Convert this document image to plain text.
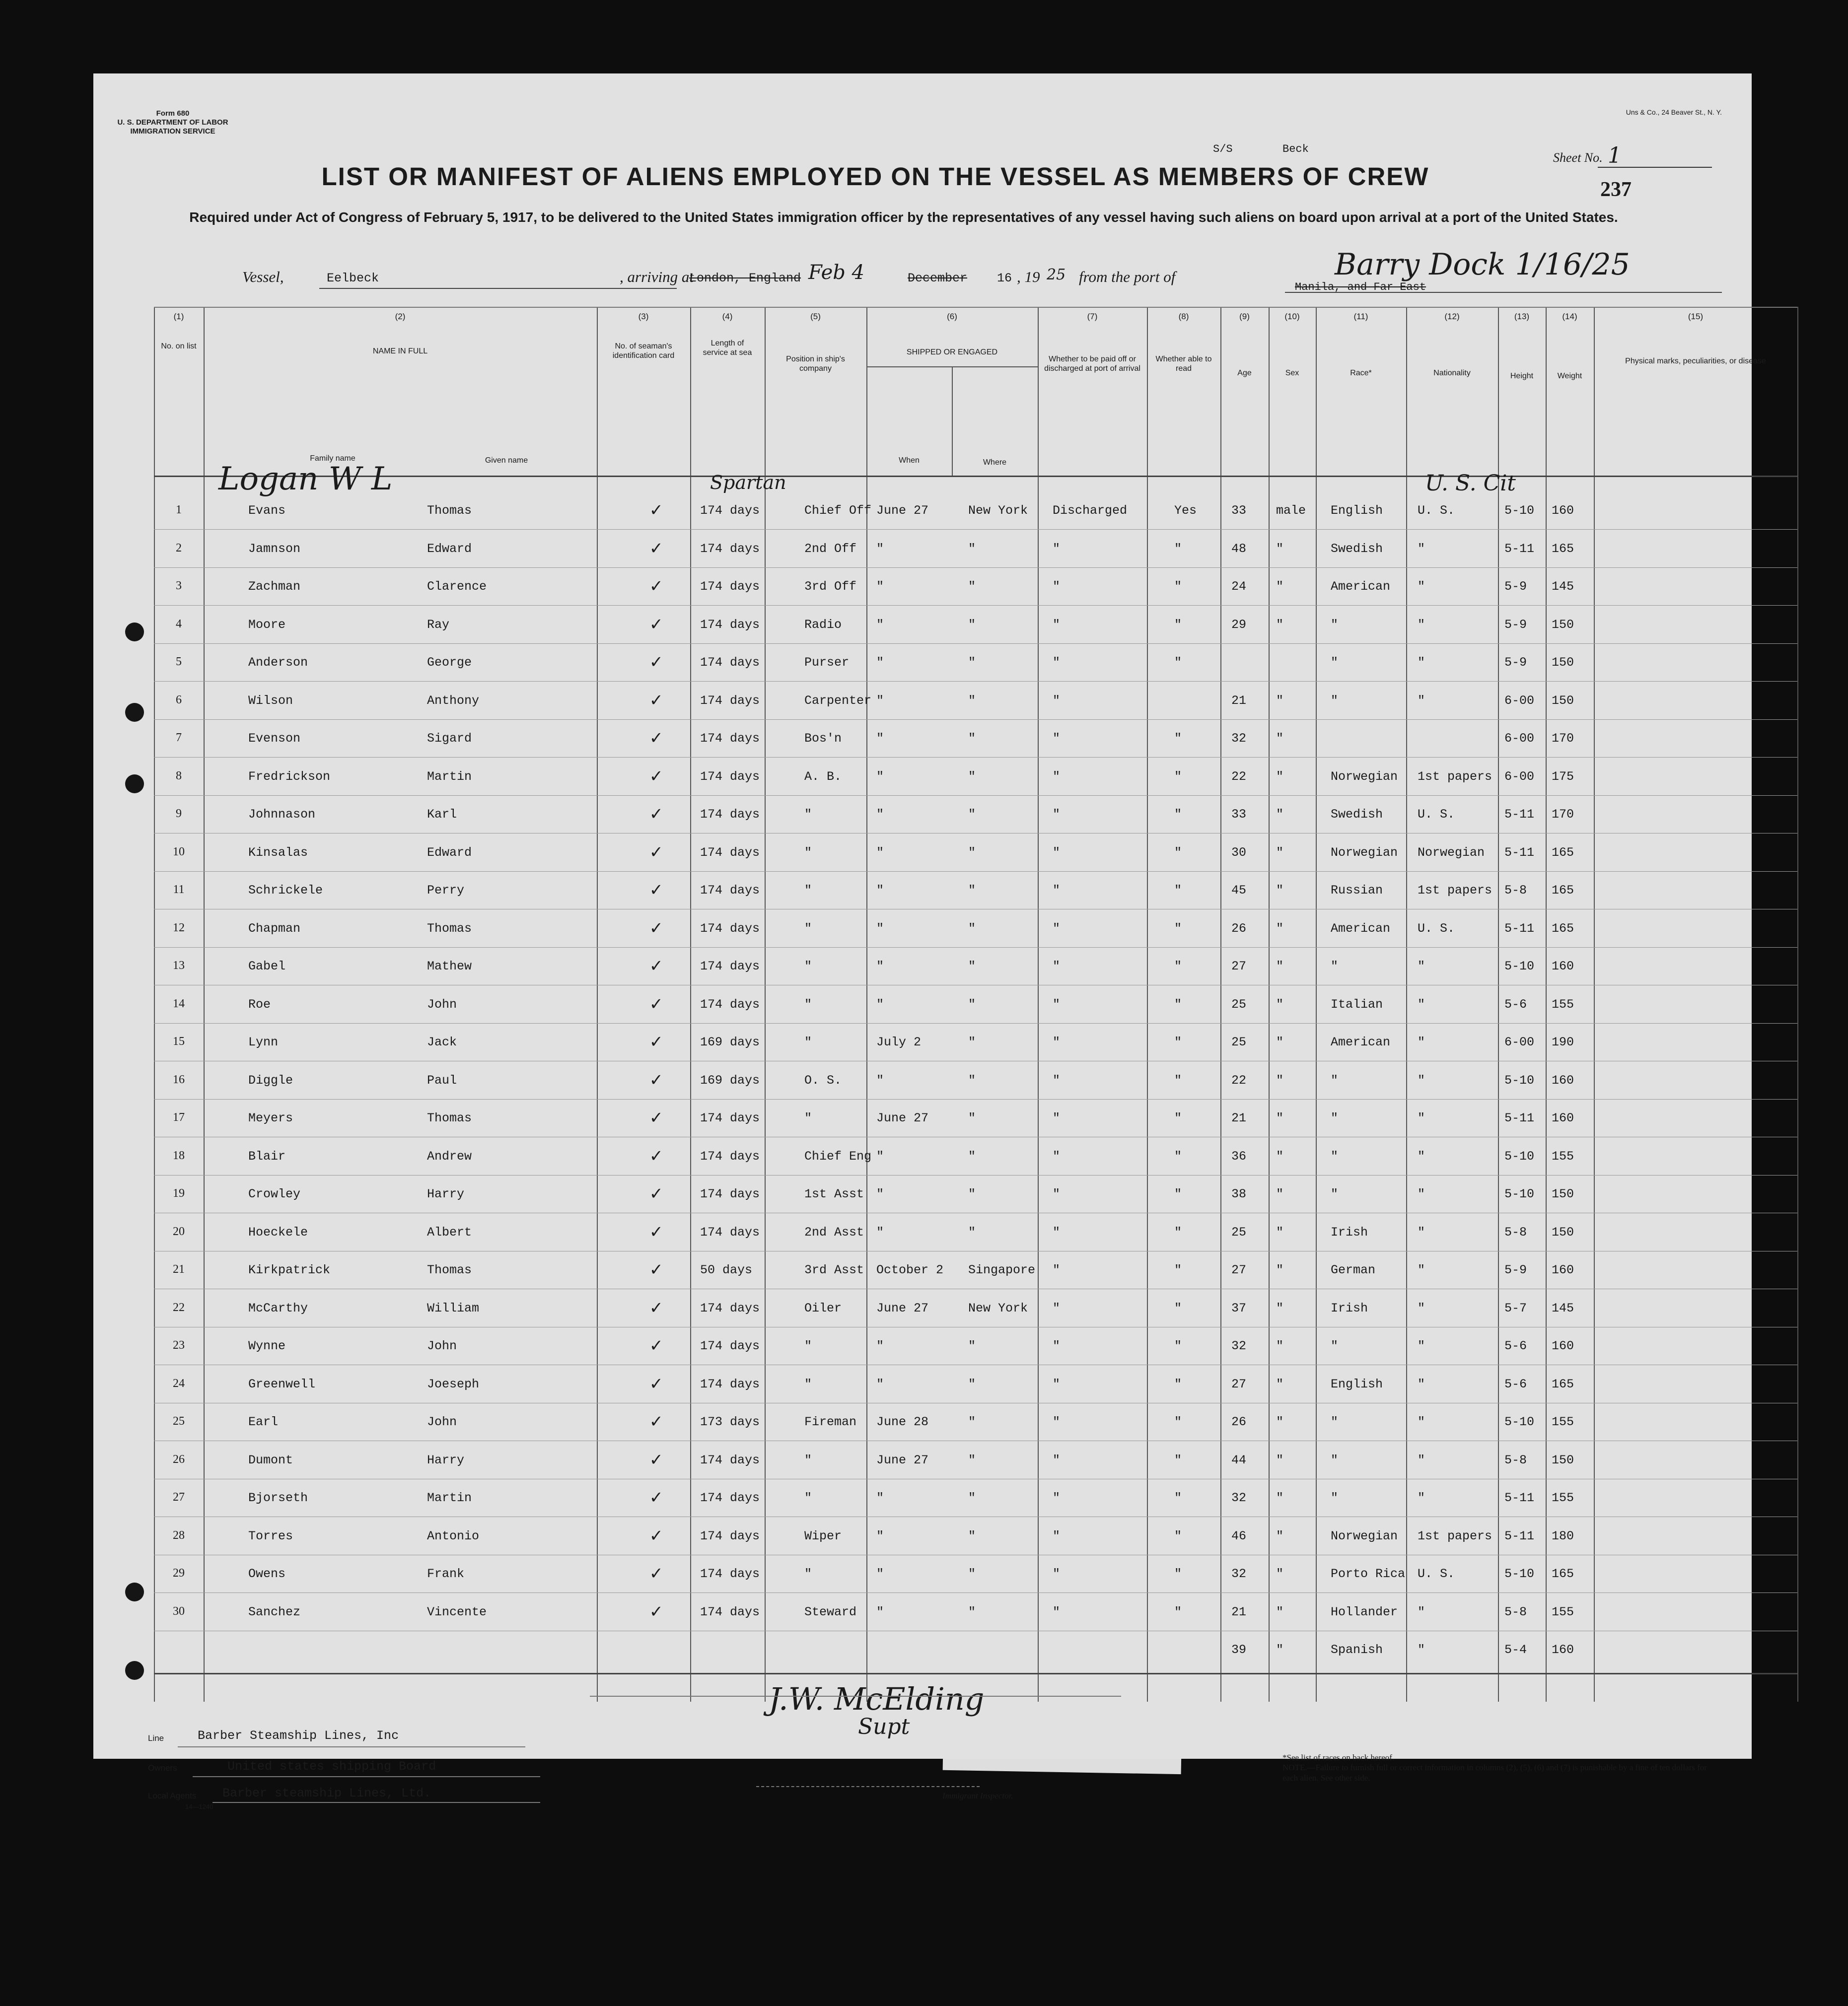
Form 680
U. S. DEPARTMENT OF LABOR
IMMIGRATION SERVICE
Uns & Co., 24 Beaver St., N. Y.
S/S	Beck
Sheet No. 1
237
LIST OR MANIFEST OF ALIENS EMPLOYED ON THE VESSEL AS MEMBERS OF CREW
Required under Act of Congress of February 5, 1917, to be delivered to the United States immigration officer by the representatives of any vessel having such aliens on board upon arrival at a port of the United States.
Vessel,	Eelbeck	, arriving at
London, England Feb 4	December 16 , 19 25 from the port of	Barry Dock 1/16/25
Manila, and Far East
(1)	(2)	(3)	(4)	(5)	(6)	(7)	(8)	(9)	(10)	(11)	(12)	(13)	(14)	(15)
No. on list
NAME IN FULL
No. of seaman's identification card
Length of service at sea
Position in ship's company
SHIPPED OR ENGAGED
Whether to be paid off or discharged at port of arrival
Whether able to read
Age	Sex	Race*	Nationality	Height	Weight
Physical marks, peculiarities, or disease
Family name	Given name	When	Where
Logan W L	Spartan	U. S. Cit
1	Evans	Thomas	174 days	Chief Off June 27	New York Discharged	Yes	33 male English	U. S.	5-10 160
✓
2	Jamnson	Edward	174 days	2nd Off "	"	"	"	48 "	Swedish	"	5-11 165
✓
3	Zachman	Clarence	174 days	3rd Off "	"	"	"	24 "	American "	5-9 145
✓
4	Moore	Ray	174 days	Radio	"	"	"	"	29 "	"	"	5-9 150
✓
5	Anderson	George	174 days	Purser "	"	"	"	"	"	5-9 150
✓
6	Wilson	Anthony	174 days	Carpenter "	"	"	21 "	"	"	6-00 150
✓
7	Evenson	Sigard	174 days	Bos'n	"	"	"	"	32 "	6-00 170
✓
8	Fredrickson	Martin	174 days	A. B.	"	"	"	"	22 "	Norwegian 1st papers 6-00 175
✓
9	Johnnason	Karl	174 days	"	"	"	"	"	33 "	Swedish	U. S.	5-11 170
✓
10	Kinsalas	Edward	174 days	"	"	"	"	"	30 "	Norwegian Norwegian 5-11 165
✓
11	Schrickele	Perry	174 days	"	"	"	"	"	45 "	Russian	1st papers 5-8 165
✓
12	Chapman	Thomas	174 days	"	"	"	"	"	26 "	American U. S.	5-11 165
✓
13	Gabel	Mathew	174 days	"	"	"	"	"	27 "	"	"	5-10 160
✓
14	Roe	John	174 days	"	"	"	"	"	25 "	Italian	"	5-6 155
✓
15	Lynn	Jack	169 days	"	July 2	"	"	"	25 "	American "	6-00 190
✓
16	Diggle	Paul	169 days	O. S.	"	"	"	"	22 "	"	"	5-10 160
✓
17	Meyers	Thomas	174 days	"	June 27	"	"	"	21 "	"	"	5-11 160
✓
18	Blair	Andrew	174 days	Chief Eng "	"	"	"	36 "	"	"	5-10 155
✓
19	Crowley	Harry	174 days	1st Asst "	"	"	"	38 "	"	"	5-10 150
✓
20	Hoeckele	Albert	174 days	2nd Asst "	"	"	"	25 "	Irish	"	5-8 150
✓
21	Kirkpatrick	Thomas	50 days	3rd Asst October 2 Singapore "	"	27 "	German	"	5-9 160
✓
22	McCarthy	William	174 days	Oiler	June 27	New York "	"	37 "	Irish	"	5-7 145
✓
23	Wynne	John	174 days	"	"	"	"	"	32 "	"	"	5-6 160
✓
24	Greenwell	Joeseph	174 days	"	"	"	"	"	27 "	English	"	5-6 165
✓
25	Earl	John	173 days	Fireman June 28	"	"	"	26 "	"	"	5-10 155
✓
26	Dumont	Harry	174 days	"	June 27	"	"	"	44 "	"	"	5-8 150
✓
27	Bjorseth	Martin	174 days	"	"	"	"	"	32 "	"	"	5-11 155
✓
28	Torres	Antonio	174 days	Wiper	"	"	"	"	46 "	Norwegian 1st papers 5-11 180
✓
29	Owens	Frank	174 days	"	"	"	"	"	32 "	Porto Rica U. S.	5-10 165
✓
30	Sanchez	Vincente	174 days	Steward "	"	"	"	21 "	Hollander "	5-8 155
✓
39 "	Spanish	"	5-4 160
J.W. McElding
Supt
Line	Barber Steamship Lines, Inc
Owners	United states shipping Board
Local Agents Barber steamship Lines, Ltd.
14—1240
Immigrant Inspector.
*See list of races on back hereof.
NOTE.—Failure to furnish full or correct information in columns (2), (5), (6) and (7) is punishable by a fine of ten dollars for each alien. See other side.
